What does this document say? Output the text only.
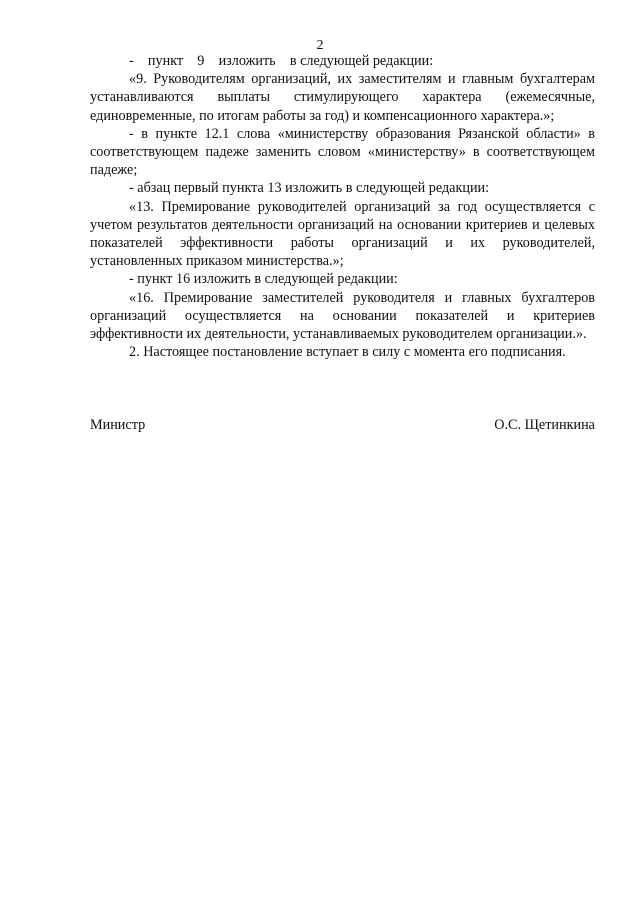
2

-    пункт    9    изложить    в следующей редакции:

«9. Руководителям организаций, их заместителям и главным бухгалтерам устанавливаются выплаты стимулирующего характера (ежемесячные, единовременные, по итогам работы за год) и компенсационного характера.»;

- в пункте 12.1 слова «министерству образования Рязанской области» в соответствующем падеже заменить словом «министерству» в соответствующем падеже;

- абзац первый пункта 13 изложить в следующей редакции:

«13. Премирование руководителей организаций за год осуществляется с учетом результатов деятельности организаций на основании критериев и целевых показателей эффективности работы организаций и их руководителей, установленных приказом министерства.»;

- пункт 16 изложить в следующей редакции:

«16. Премирование заместителей руководителя и главных бухгалтеров организаций осуществляется на основании показателей и критериев эффективности их деятельности, устанавливаемых руководителем организации.».

2. Настоящее постановление вступает в силу с момента его подписания.

Министр	О.С. Щетинкина
